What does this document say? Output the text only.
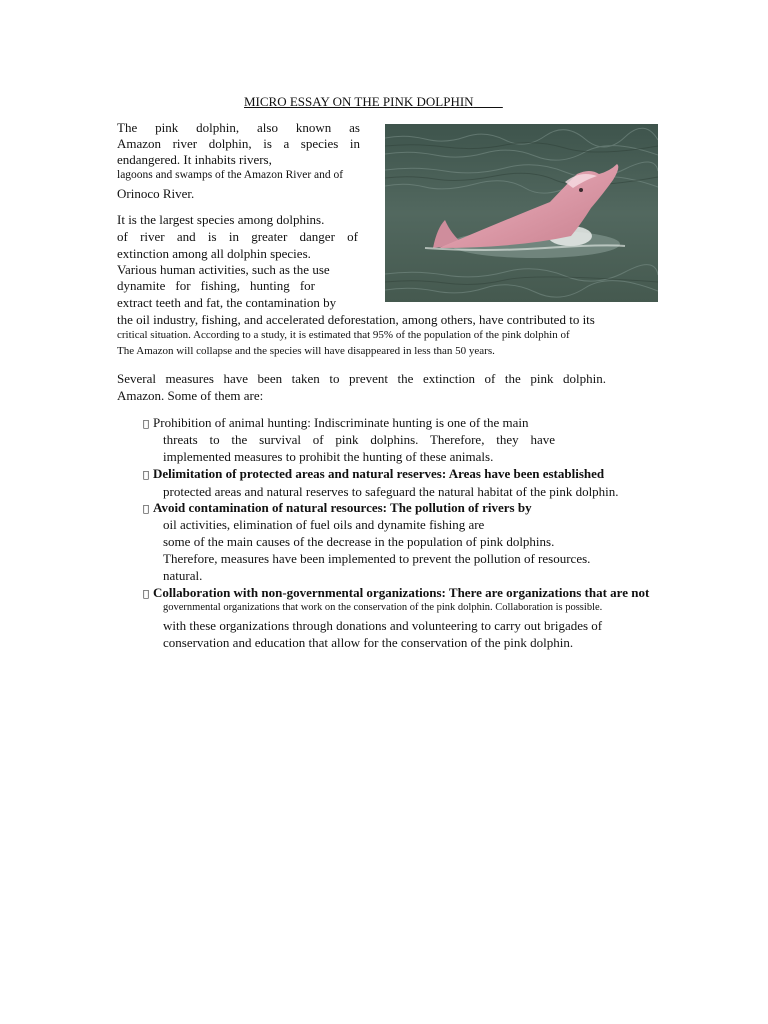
MICRO ESSAY ON THE PINK DOLPHIN
The pink dolphin, also known as
Amazon river dolphin, is a species in
endangered. It inhabits rivers,
lagoons and swamps of the Amazon River and of
Orinoco River.
It is the largest species among dolphins.
of river and is in greater danger of
extinction among all dolphin species.
Various human activities, such as the use
dynamite for fishing, hunting for
extract teeth and fat, the contamination by
the oil industry, fishing, and accelerated deforestation, among others, have contributed to its
critical situation. According to a study, it is estimated that 95% of the population of the pink dolphin of
The Amazon will collapse and the species will have disappeared in less than 50 years.
Several measures have been taken to prevent the extinction of the pink dolphin.
Amazon. Some of them are:
Prohibition of animal hunting: Indiscriminate hunting is one of the main
threats to the survival of pink dolphins. Therefore, they have
implemented measures to prohibit the hunting of these animals.
Delimitation of protected areas and natural reserves: Areas have been established
protected areas and natural reserves to safeguard the natural habitat of the pink dolphin.
Avoid contamination of natural resources: The pollution of rivers by
oil activities, elimination of fuel oils and dynamite fishing are
some of the main causes of the decrease in the population of pink dolphins.
Therefore, measures have been implemented to prevent the pollution of resources.
natural.
Collaboration with non-governmental organizations: There are organizations that are not
governmental organizations that work on the conservation of the pink dolphin. Collaboration is possible.
with these organizations through donations and volunteering to carry out brigades of
conservation and education that allow for the conservation of the pink dolphin.
